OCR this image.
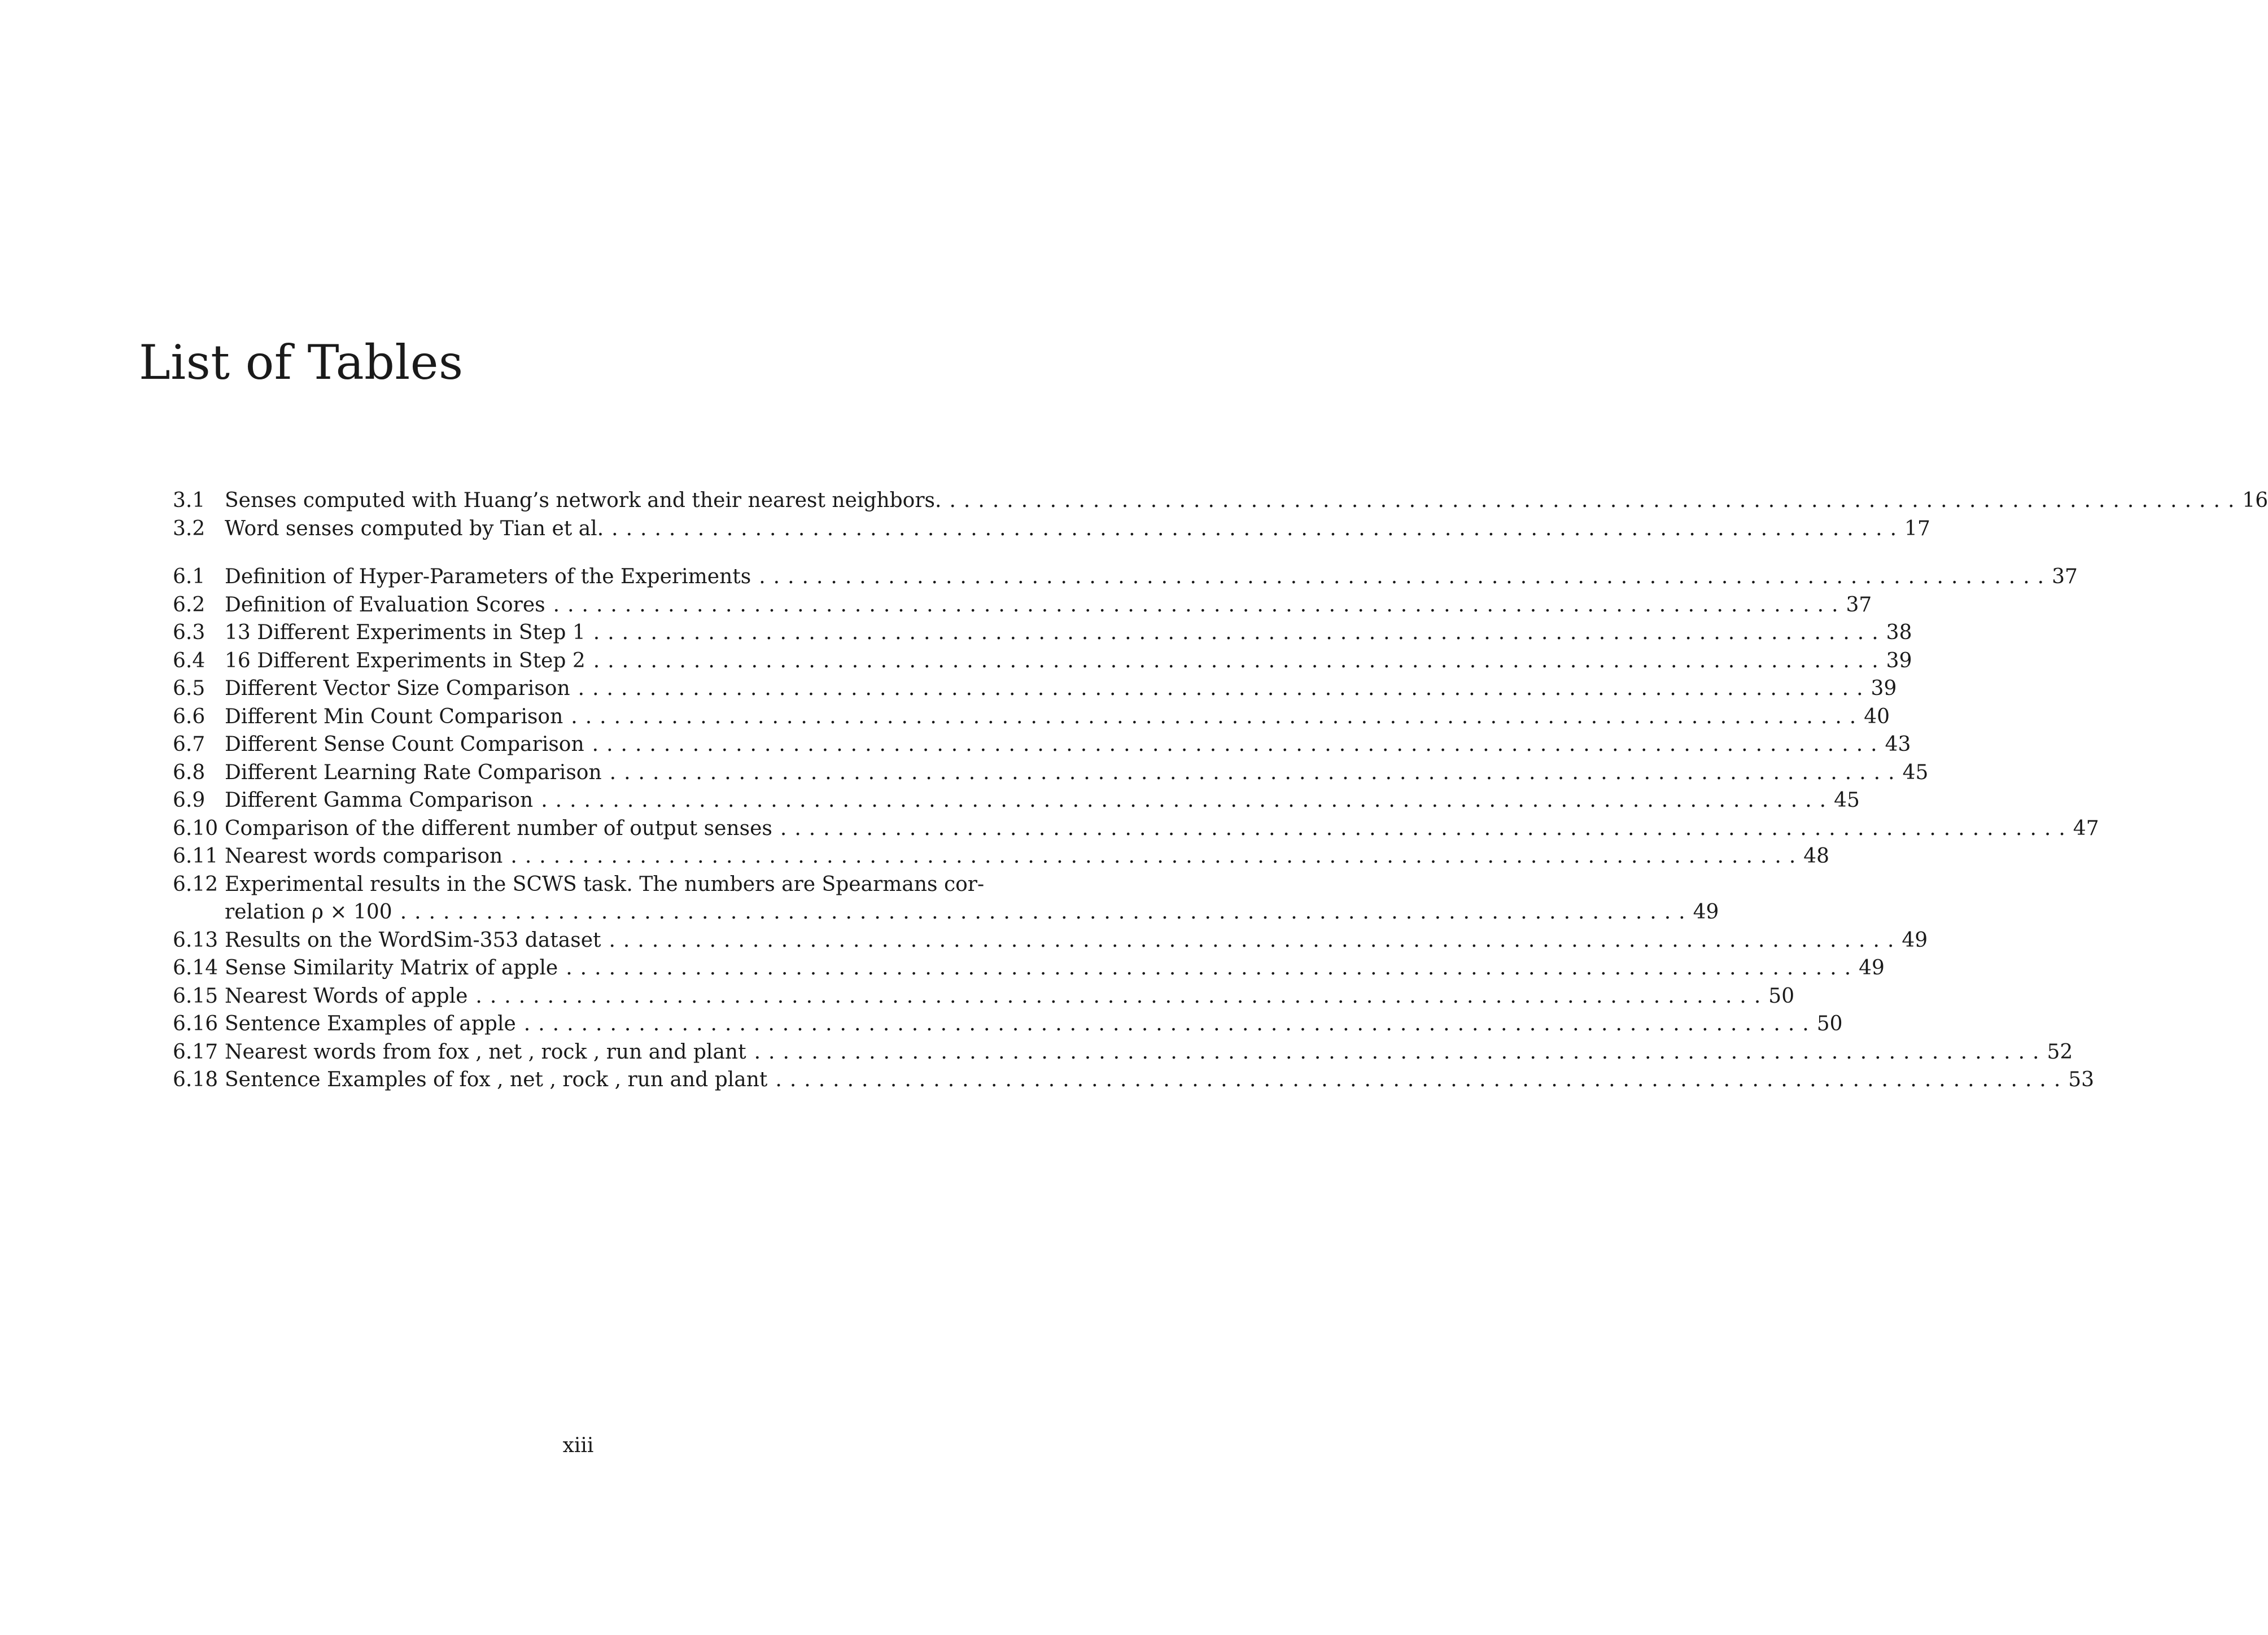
List of Tables
3.1 Senses computed with Huang’s network and their nearest neighbors. .......................................................................................... 16
3.2 Word senses computed by Tian et al. .......................................................................................... 17
6.1 Definition of Hyper-Parameters of the Experiments .......................................................................................... 37
6.2 Definition of Evaluation Scores .......................................................................................... 37
6.3 13 Different Experiments in Step 1 .......................................................................................... 38
6.4 16 Different Experiments in Step 2 .......................................................................................... 39
6.5 Different Vector Size Comparison .......................................................................................... 39
6.6 Different Min Count Comparison .......................................................................................... 40
6.7 Different Sense Count Comparison .......................................................................................... 43
6.8 Different Learning Rate Comparison .......................................................................................... 45
6.9 Different Gamma Comparison .......................................................................................... 45
6.10 Comparison of the different number of output senses .......................................................................................... 47
6.11 Nearest words comparison .......................................................................................... 48
6.12 Experimental results in the SCWS task. The numbers are Spearmans cor-
relation ρ × 100 .......................................................................................... 49
6.13 Results on the WordSim-353 dataset .......................................................................................... 49
6.14 Sense Similarity Matrix of apple .......................................................................................... 49
6.15 Nearest Words of apple .......................................................................................... 50
6.16 Sentence Examples of apple .......................................................................................... 50
6.17 Nearest words from fox , net , rock , run and plant .......................................................................................... 52
6.18 Sentence Examples of fox , net , rock , run and plant .......................................................................................... 53
xiii
